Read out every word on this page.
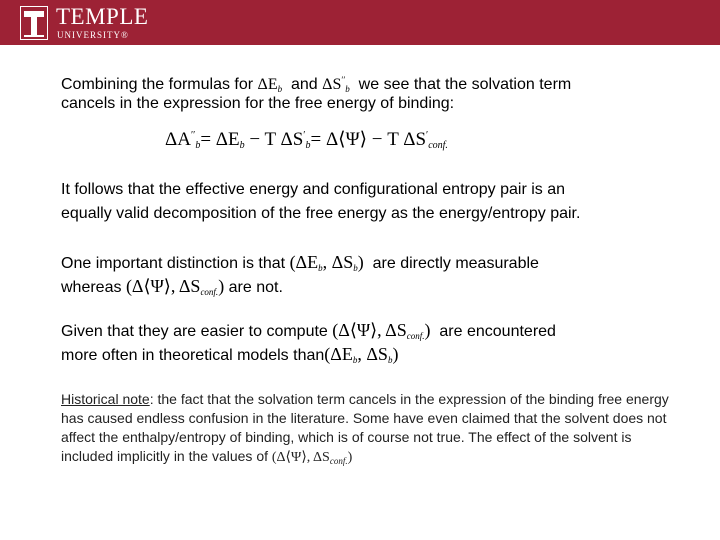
TEMPLE
UNIVERSITY®
Combining the formulas for $\Delta E_b$ and $\Delta S''_b$ we see that the solvation term
cancels in the expression for the free energy of binding:
$\Delta A''_b= \Delta E_b - T$ $\Delta S'_b=$ Δ⟨Ψ⟩ − T $\Delta S'_{conf.}$
It follows that the effective energy and configurational entropy pair is an
equally valid decomposition of the free energy as the energy/entropy pair.
One important distinction is that ($\Delta E_b$, $\Delta S_b$) are directly measurable
whereas (Δ⟨Ψ⟩, $\Delta S_{conf.}$) are not.
Given that they are easier to compute (Δ⟨Ψ⟩, $\Delta S_{conf.}$) are encountered
more often in theoretical models $than(\Delta E_b$, $\Delta S_b$)
Historical note: the fact that the solvation term cancels in the expression of the binding free energy has caused endless confusion in the literature. Some have even claimed that the solvent does not affect the enthalpy/entropy of binding, which is of course not true. The effect of the solvent is included implicitly in the values of (Δ⟨Ψ⟩, $\Delta S_{conf.}$)
